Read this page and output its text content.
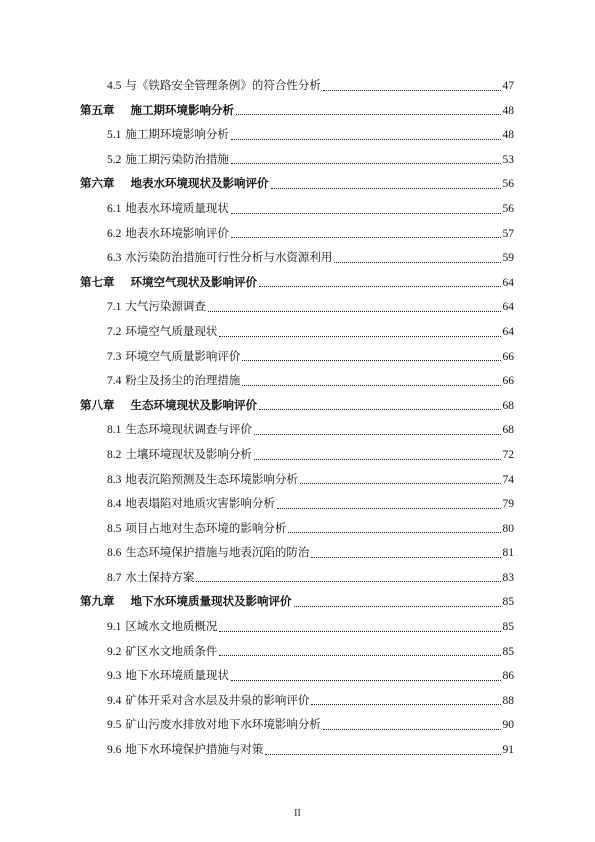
4.5 与《铁路安全管理条例》的符合性分析	47
第五章 施工期环境影响分析	48
5.1 施工期环境影响分析	48
5.2 施工期污染防治措施	53
第六章 地表水环境现状及影响评价	56
6.1 地表水环境质量现状	56
6.2 地表水环境影响评价	57
6.3 水污染防治措施可行性分析与水资源利用	59
第七章 环境空气现状及影响评价	64
7.1 大气污染源调查	64
7.2 环境空气质量现状	64
7.3 环境空气质量影响评价	66
7.4 粉尘及扬尘的治理措施	66
第八章 生态环境现状及影响评价	68
8.1 生态环境现状调查与评价	68
8.2 土壤环境现状及影响分析	72
8.3 地表沉陷预测及生态环境影响分析	74
8.4 地表塌陷对地质灾害影响分析	79
8.5 项目占地对生态环境的影响分析	80
8.6 生态环境保护措施与地表沉陷的防治	81
8.7 水土保持方案	83
第九章 地下水环境质量现状及影响评价	85
9.1 区域水文地质概况	85
9.2 矿区水文地质条件	85
9.3 地下水环境质量现状	86
9.4 矿体开采对含水层及井泉的影响评价	88
9.5 矿山污废水排放对地下水环境影响分析	90
9.6 地下水环境保护措施与对策	91
II
